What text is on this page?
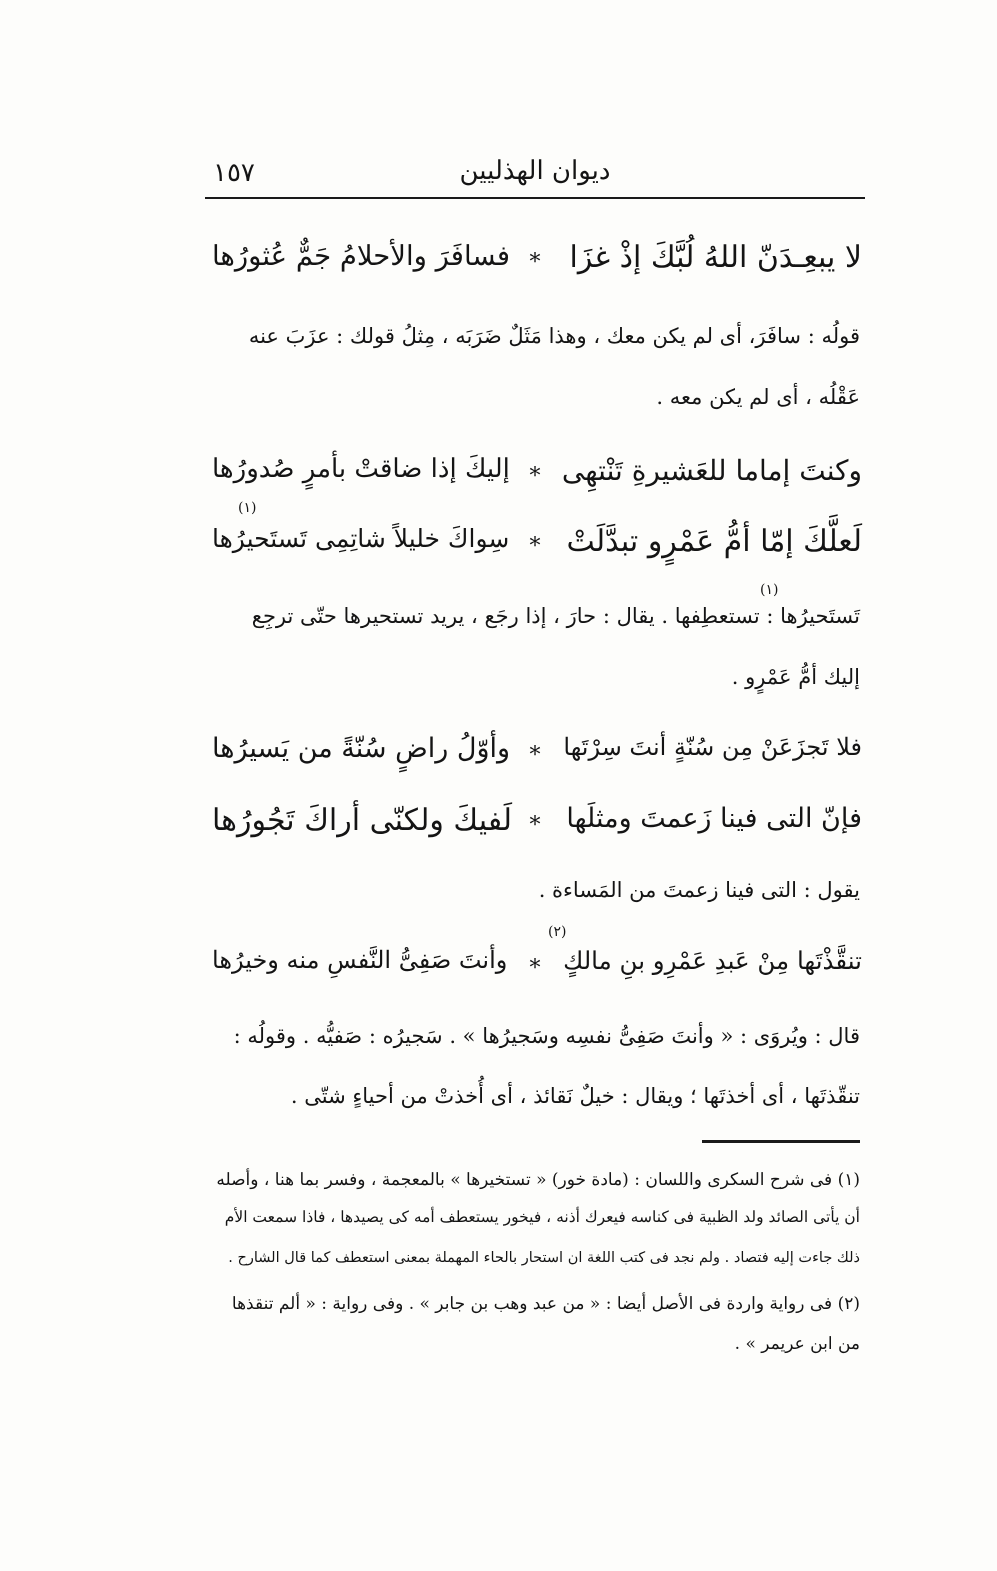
١٥٧	ديوان الهذليين
لا يبعِـدَنّ اللهُ لُبَّكَ إذْ غزَا
*
فسافَرَ والأحلامُ جَمٌّ عُثورُها
قولُه : سافَرَ، أى لم يكن معك ، وهذا مَثَلٌ ضَرَبَه ، مِثلُ قولك : عزَبَ عنه
عَقْلُه ، أى لم يكن معه .
وكنتَ إماما للعَشيرةِ تَنْتهِى
*
إليكَ إذا ضاقتْ بأمرٍ صُدورُها
(١)
لَعلَّكَ إمّا أمُّ عَمْرٍو تبدَّلَتْ
*
سِواكَ خليلاً شاتِمِى تَستَحيرُها
(١)
تَستَحيرُها : تستعطِفها . يقال : حارَ ، إذا رجَع ، يريد تستحيرها حتّى ترجِع
إليك أمُّ عَمْرٍو .
فلا تَجزَعَنْ مِن سُنّةٍ أنتَ سِرْتَها
*
وأوّلُ راضٍ سُنّةً من يَسيرُها
فإنّ التى فينا زَعمتَ ومثلَها
*
لَفيكَ ولكنّى أراكَ تَجُورُها
يقول : التى فينا زعمتَ من المَساءة .
(٢)
تنقَّذْتَها مِنْ عَبدِ عَمْرِو بنِ مالكٍ
*
وأنتَ صَفِىُّ النَّفسِ منه وخيرُها
قال : ويُروَى : « وأنتَ صَفِىُّ نفسِه وسَجيرُها » . سَجيرُه : صَفيُّه . وقولُه :
تنقّذتَها ، أى أخذتَها ؛ ويقال : خيلٌ نَقائذ ، أى أُخذتْ من أحياءٍ شتّى .
(١) فى شرح السكرى واللسان : (مادة خور) « تستخيرها » بالمعجمة ، وفسر بما هنا ، وأصله
أن يأتى الصائد ولد الظبية فى كناسه فيعرك أذنه ، فيخور يستعطف أمه كى يصيدها ، فاذا سمعت الأم
ذلك جاءت إليه فتصاد . ولم نجد فى كتب اللغة ان استحار بالحاء المهملة بمعنى استعطف كما قال الشارح .
(٢) فى رواية واردة فى الأصل أيضا : « من عبد وهب بن جابر » . وفى رواية : « ألم تنقذها
من ابن عريمر » .
